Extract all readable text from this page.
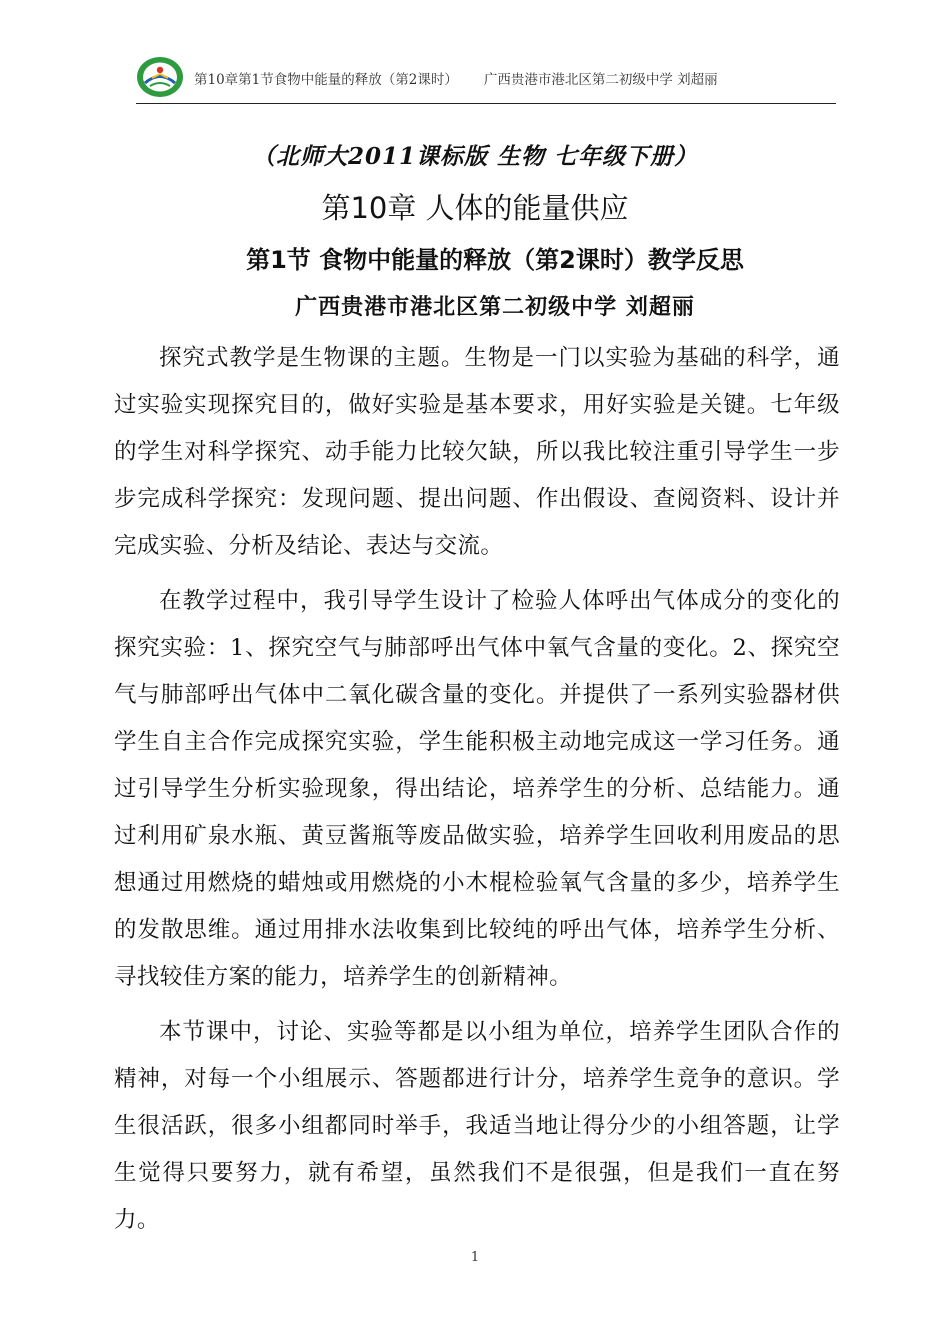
第10章第1节食物中能量的释放（第2课时） 广西贵港市港北区第二初级中学 刘超丽
（北师大2011课标版 生物 七年级下册）
第10章 人体的能量供应
第1节 食物中能量的释放（第2课时）教学反思
广西贵港市港北区第二初级中学 刘超丽

探究式教学是生物课的主题。生物是一门以实验为基础的科学，通过实验实现探究目的，做好实验是基本要求，用好实验是关键。七年级的学生对科学探究、动手能力比较欠缺，所以我比较注重引导学生一步步完成科学探究：发现问题、提出问题、作出假设、查阅资料、设计并完成实验、分析及结论、表达与交流。

在教学过程中，我引导学生设计了检验人体呼出气体成分的变化的探究实验：1、探究空气与肺部呼出气体中氧气含量的变化。2、探究空气与肺部呼出气体中二氧化碳含量的变化。并提供了一系列实验器材供学生自主合作完成探究实验，学生能积极主动地完成这一学习任务。通过引导学生分析实验现象，得出结论，培养学生的分析、总结能力。通过利用矿泉水瓶、黄豆酱瓶等废品做实验，培养学生回收利用废品的思想通过用燃烧的蜡烛或用燃烧的小木棍检验氧气含量的多少，培养学生的发散思维。通过用排水法收集到比较纯的呼出气体，培养学生分析、寻找较佳方案的能力，培养学生的创新精神。

本节课中，讨论、实验等都是以小组为单位，培养学生团队合作的精神，对每一个小组展示、答题都进行计分，培养学生竞争的意识。学生很活跃，很多小组都同时举手，我适当地让得分少的小组答题，让学生觉得只要努力，就有希望，虽然我们不是很强，但是我们一直在努力。

1
